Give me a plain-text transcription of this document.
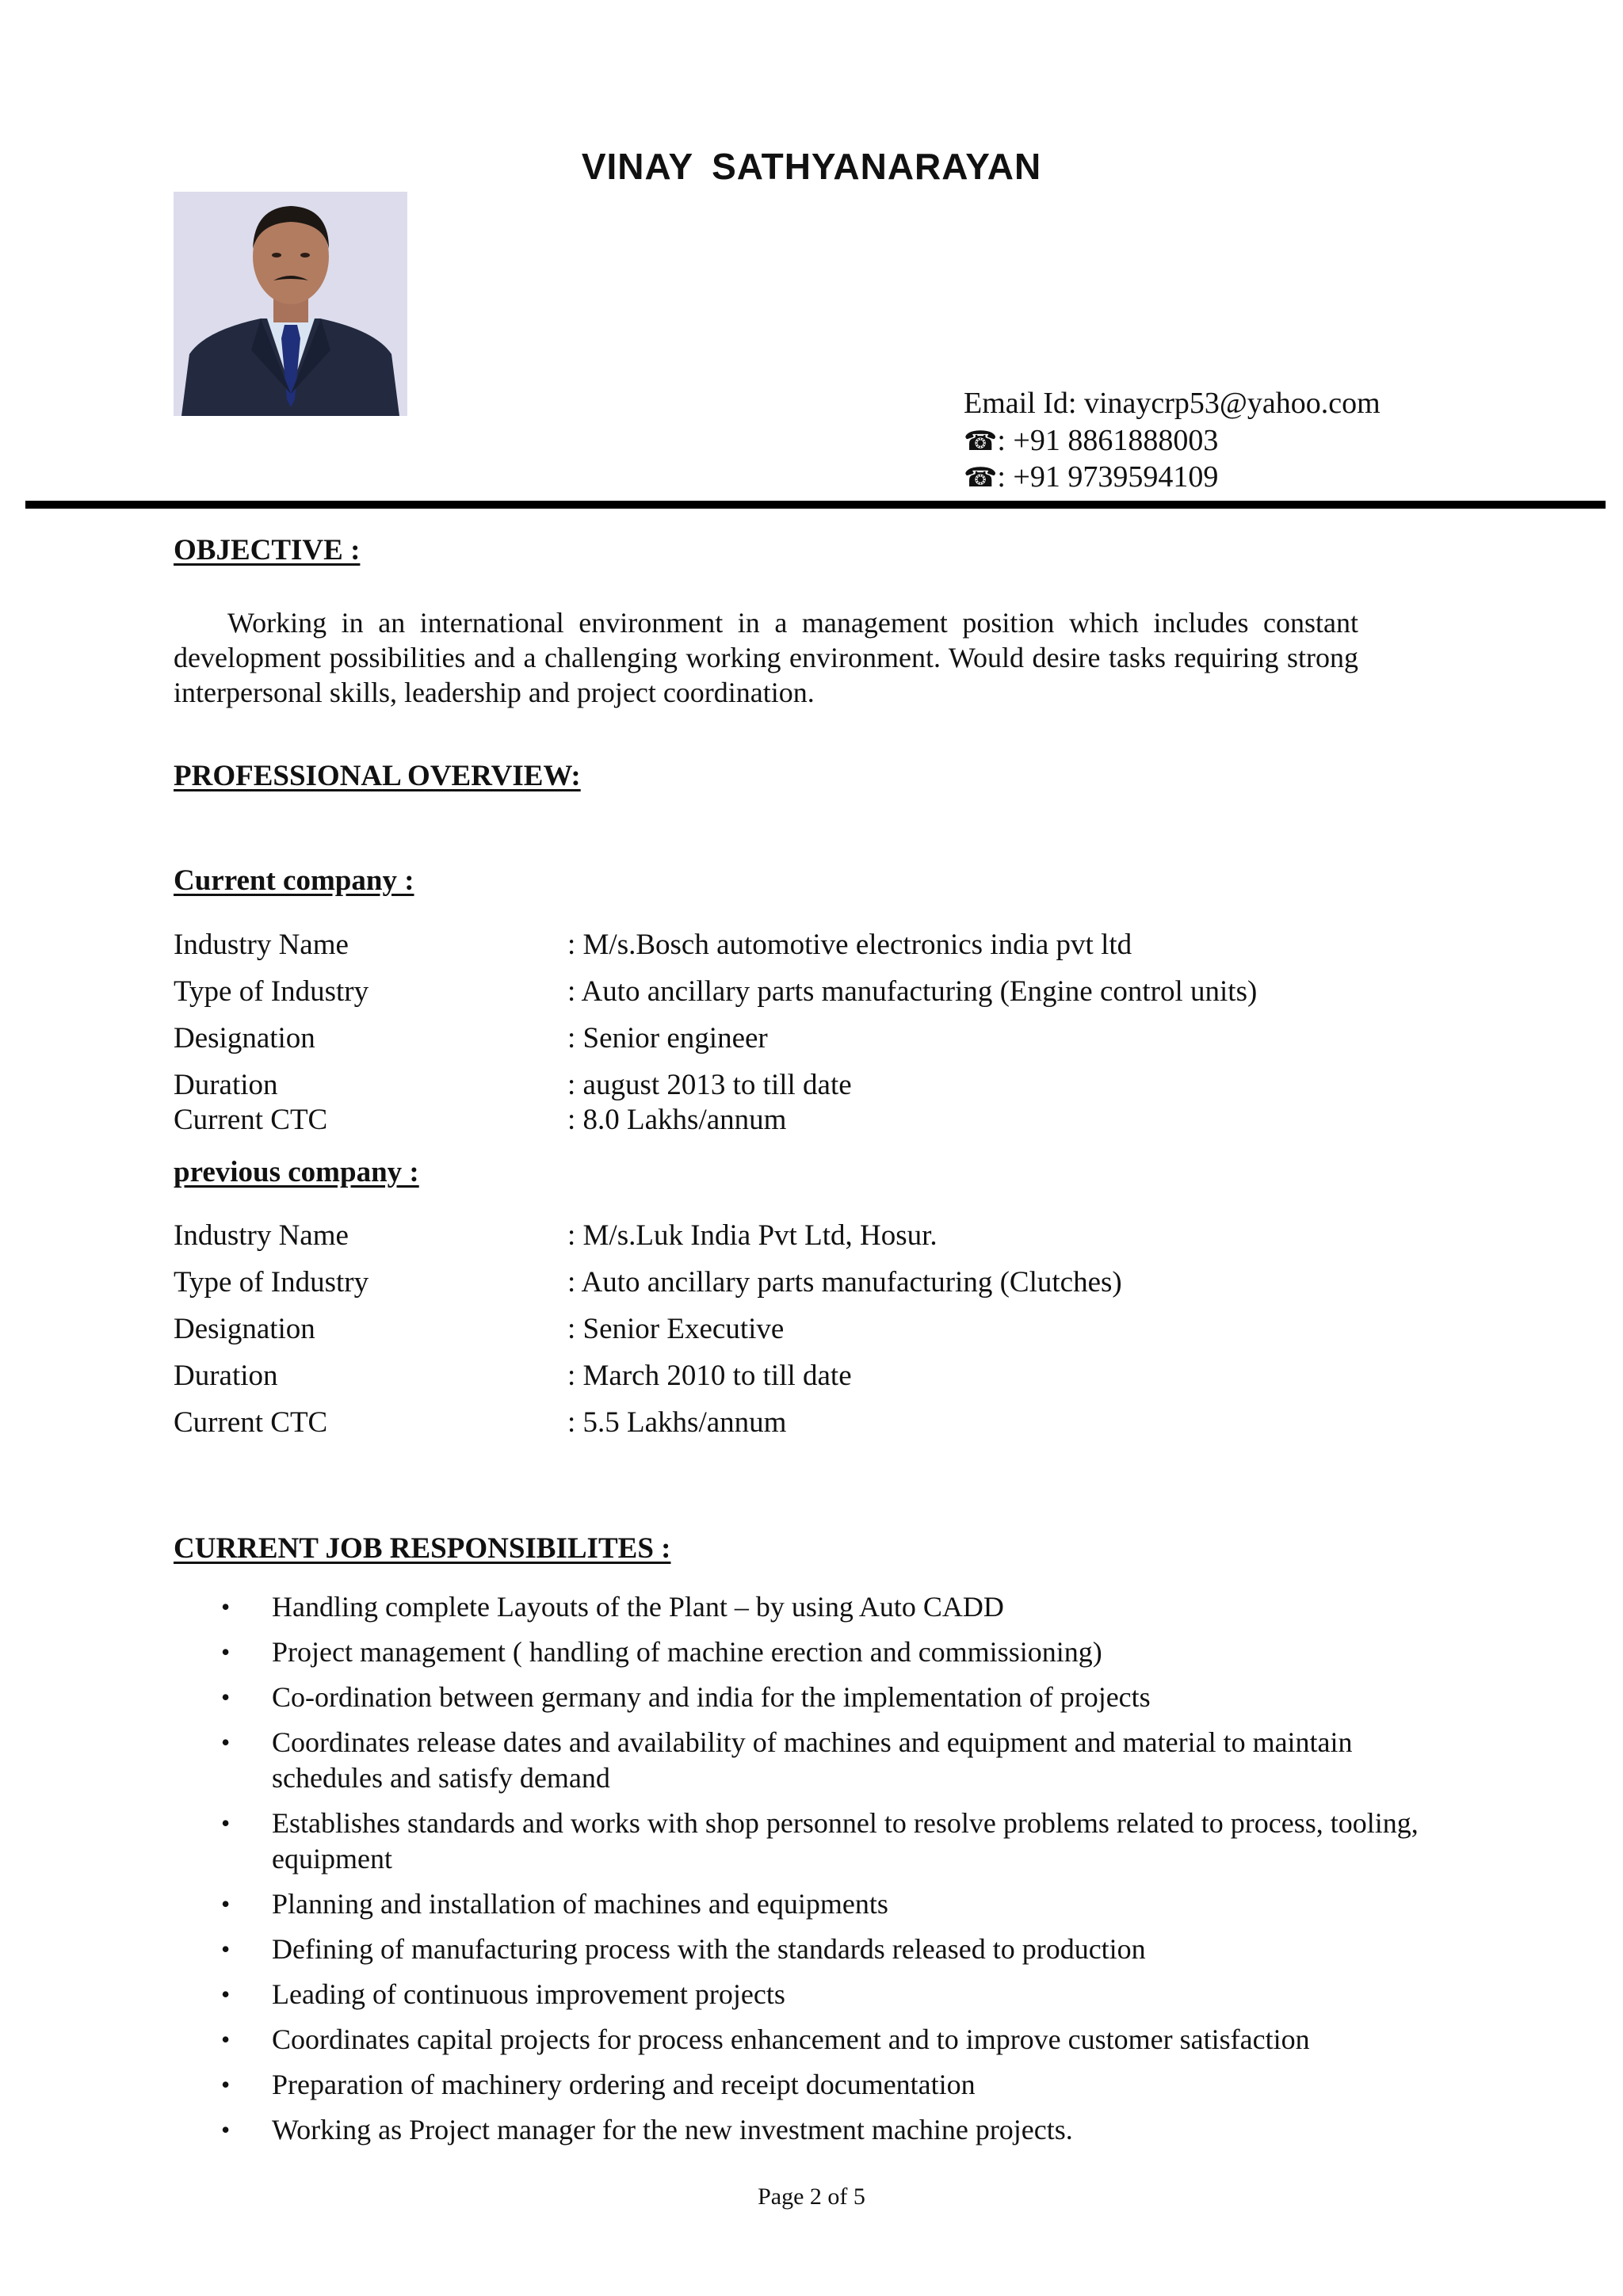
VINAY SATHYANARAYAN
Email Id: vinaycrp53@yahoo.com
☎: +91 8861888003
☎: +91 9739594109
OBJECTIVE :
Working in an international environment in a management position which includes constant development possibilities and a challenging working environment. Would desire tasks requiring strong interpersonal skills, leadership and project coordination.
PROFESSIONAL OVERVIEW:
Current company :
Industry Name	: M/s.Bosch automotive electronics india pvt ltd
Type of Industry	: Auto ancillary parts manufacturing (Engine control units)
Designation	: Senior engineer
Duration	: august 2013 to till date
Current CTC	: 8.0 Lakhs/annum
previous company :
Industry Name	: M/s.Luk India Pvt Ltd, Hosur.
Type of Industry	: Auto ancillary parts manufacturing (Clutches)
Designation	: Senior Executive
Duration	: March 2010 to till date
Current CTC	: 5.5 Lakhs/annum
CURRENT JOB RESPONSIBILITES :
• Handling complete Layouts of the Plant – by using Auto CADD
• Project management ( handling of machine erection and commissioning)
• Co-ordination between germany and india for the implementation of projects
• Coordinates release dates and availability of machines and equipment and material to maintain schedules and satisfy demand
• Establishes standards and works with shop personnel to resolve problems related to process, tooling, equipment
• Planning and installation of machines and equipments
• Defining of manufacturing process with the standards released to production
• Leading of continuous improvement projects
• Coordinates capital projects for process enhancement and to improve customer satisfaction
• Preparation of machinery ordering and receipt documentation
• Working as Project manager for the new investment machine projects.
Page 2 of 5
